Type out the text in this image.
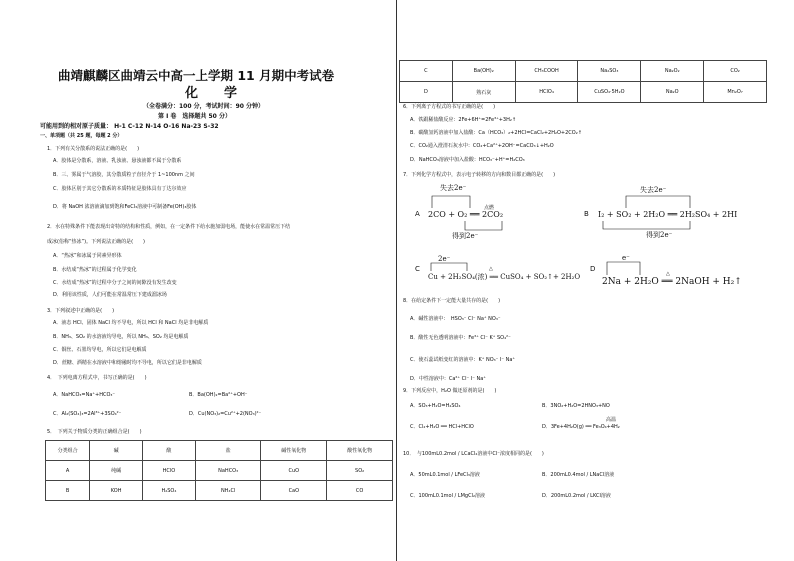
曲靖麒麟区曲靖云中高一上学期 11 月期中考试卷
化　　学
（全卷满分：100 分，考试时间：90 分钟）
第 I 卷　选择题共 50 分）
可能用到的相对原子质量： H-1 C-12 N-14 O-16 Na-23 S-32
一、单项题（共 25 题，每题 2 分）
1．下列有关分散系的说法正确的是(　　)
A．胶体是分散系，溶液、乳浊液、悬浊液都不属于分散系
B．三、雾属于气溶胶，其分散质粒子直径介于 1~100nm 之间
C．胶体区别于其它分散系的本质特征是胶体具有丁达尔效应
D．将 NaOH 浓溶液滴加到饱和FeCl₃溶液中可制备Fe(OH)₃胶体
2．水在特殊条件下能表现出奇特的结构和性质，例如，在一定条件下给水施加弱电场，能使水在常温常压下结
成冰(俗称“热冰”)。下列说法正确的是(　　)
A．“热冰”和冰属于同素异形体
B．水结成“热冰”的过程属于化学变化
C．水结成“热冰”的过程中分子之间的间隙没有发生改变
D．利用该性质，人们可能在常温常压下建成溜冰场
3．下列叙述中正确的是(　　)
A．液态 HCl、固体 NaCl 均不导电，所以 HCl 和 NaCl 均是非电解质
B．NH₃、SO₂ 的水溶液均导电，所以 NH₃、SO₂ 均是电解质
C．铜丝、石墨均导电，所以它们是电解质
D．蔗糖、酒精在水溶液中和熔融时均不导电，所以它们是非电解质
4．　下列电离方程式中，书写正确的是(　　)
A．NaHCO₃=Na⁺+HCO₃⁻	B．Ba(OH)₂=Ba²⁺+OH⁻
C．Al₂(SO₄)₃=2Al³⁺+3SO₄²⁻	D．Cu(NO₃)₂=Cu²⁺+2(NO₃)²⁻
5．　下列关于物质分类的正确组合是(　　)
分类组合	碱	酸	盐	碱性氧化物	酸性氧化物
A	纯碱	HClO	NaHCO₃	CuO	SO₂
B	KOH	H₂SO₄	NH₄Cl	CaO	CO
C	Ba(OH)₂	CH₃COOH	Na₂SO₃	Na₂O₂	CO₂
D	熟石灰	HClO₄	CuSO₄·5H₂O	Na₂O	Mn₂O₇
6．下列离子方程式的书写正确的是(　　)
A．铁跟稀盐酸反应：2Fe+6H⁺=2Fe³⁺+3H₂↑
B．碳酸氢钙溶液中加入盐酸：Ca（HCO₃）₂+2HCl=CaCl₂+2H₂O+2CO₂↑
C．CO₂通入澄清石灰水中：CO₂+Ca²⁺+2OH⁻=CaCO₃↓+H₂O
D．NaHCO₃溶液中加入盐酸：HCO₃⁻+H⁺=H₂CO₃
7．下列化学方程式中，表示电子转移的方向和数目都正确的是(　　)
A
失去2e⁻
点燃
2CO + O₂ ══ 2CO₂
得到2e⁻
B
失去2e⁻
I₂ + SO₂ + 2H₂O ══ 2H₂SO₄ + 2HI
得到2e⁻
C
2e⁻
△
Cu + 2H₂SO₄(浓) ══ CuSO₄ + SO₂↑+ 2H₂O
D
e⁻
△
2Na + 2H₂O ══ 2NaOH + H₂↑
8．在给定条件下一定能大量共存的是(　　)
A．碱性溶液中：　HSO₃⁻ Cl⁻ Na⁺ NO₃⁻
B．酸性无色透明溶液中：Fe³⁺ Cl⁻ K⁺ SO₄²⁻
C．使石蕊试纸变红的溶液中：K⁺ NO₃⁻ I⁻ Na⁺
D．中性溶液中：Ca²⁺ Cl⁻ I⁻ Na⁺
9．下列反应中，H₂O 做还原剂的是(　　)
A．SO₃+H₂O=H₂SO₄	B．3NO₂+H₂O=2HNO₃+NO
C．Cl₂+H₂O ══ HCl+HClO
高温
D．3Fe+4H₂O(g) ══ Fe₃O₄+4H₂
10．　与100mL0.2mol / LCaCl₂溶液中Cl⁻浓度相同的是(　　)
A．50mL0.1mol / LFeCl₃溶液	B．200mL0.4mol / LNaCl溶液
C．100mL0.1mol / LMgCl₂溶液	D．200mL0.2mol / LKCl溶液
